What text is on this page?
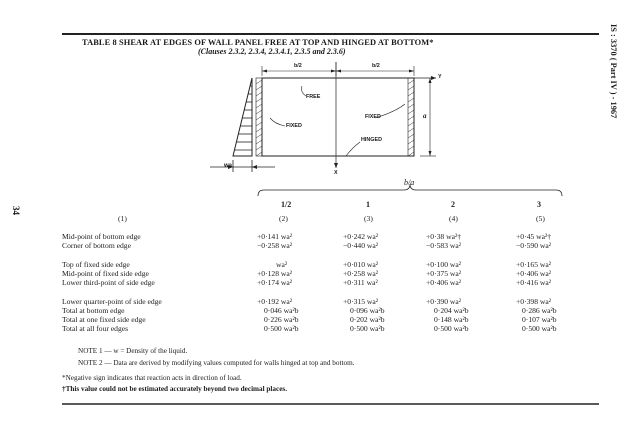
TABLE 8 SHEAR AT EDGES OF WALL PANEL FREE AT TOP AND HINGED AT BOTTOM*
(Clauses 2.3.2, 2.3.4, 2.3.4.1, 2.3.5 and 2.3.6)	IS : 3370 ( Part IV ) - 1967
34
b/2	b/2
FREE
FIXED
FIXED
HINGED
a
Y
X
wa
b/a
1/2	1	2	3
(1)	(2)	(3)	(4)	(5)
Mid-point of bottom edge	+0·141 wa²	+0·242 wa²	+0·38 wa²†	+0·45 wa²†
Corner of bottom edge	−0·258 wa²	−0·440 wa²	−0·583 wa²	−0·590 wa²
Top of fixed side edge	wa²	+0·010 wa²	+0·100 wa²	+0·165 wa²
Mid-point of fixed side edge	+0·128 wa²	+0·258 wa²	+0·375 wa²	+0·406 wa²
Lower third-point of side edge	+0·174 wa²	+0·311 wa²	+0·406 wa²	+0·416 wa²
Lower quarter-point of side edge	+0·192 wa²	+0·315 wa²	+0·390 wa²	+0·398 wa²
Total at bottom edge	0·046 wa²b	0·096 wa²b	0·204 wa²b	0·286 wa²b
Total at one fixed side edge	0·226 wa²b	0·202 wa²b	0·148 wa²b	0·107 wa²b
Total at all four edges	0·500 wa²b	0·500 wa²b	0·500 wa²b	0·500 wa²b
NOTE 1 — w = Density of the liquid.
NOTE 2 — Data are derived by modifying values computed for walls hinged at top and bottom.
*Negative sign indicates that reaction acts in direction of load.
†This value could not be estimated accurately beyond two decimal places.
